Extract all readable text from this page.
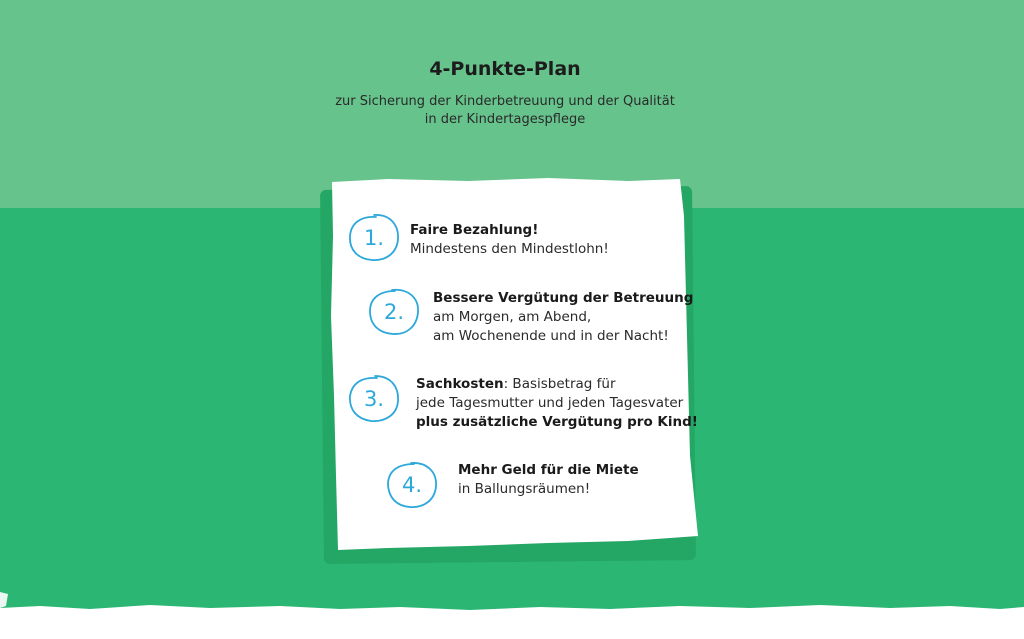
4-Punkte-Plan

zur Sicherung der Kinderbetreuung und der Qualität
in der Kindertagespflege

1.	Faire Bezahlung!
Mindestens den Mindestlohn!
2.
Bessere Vergütung der Betreuung
am Morgen, am Abend,
am Wochenende und in der Nacht!
3.
Sachkosten: Basisbetrag für
jede Tagesmutter und jeden Tagesvater
plus zusätzliche Vergütung pro Kind!
4.
Mehr Geld für die Miete
in Ballungsräumen!
